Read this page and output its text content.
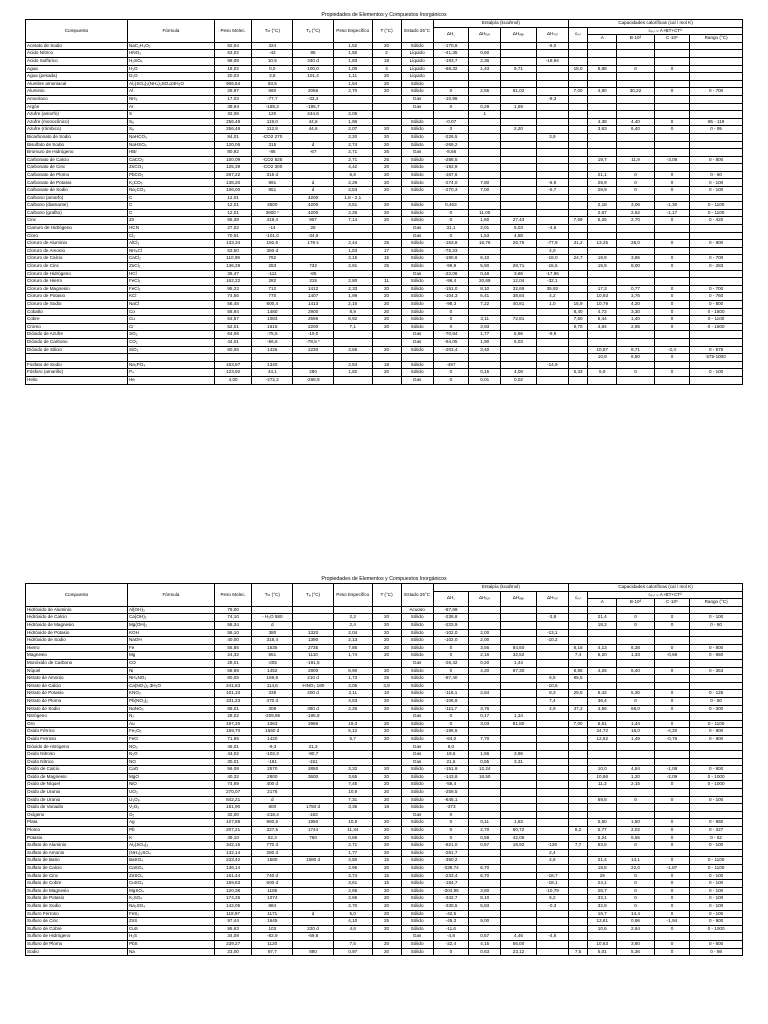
Propiedades de Elementos y Compuestos Inorgánicos
Compuesto	Fórmula	Peso Molec.	Tₘ (°C)	Tₑ (°C)	Peso Específico	T (°C)	Estado 25°C	Entalpía (kcal/mol)				Capacidades caloríficas (cal / mol K)				
								ΔH꜀	ΔHₓᵤₛ	ΔHᵥₐₚ	ΔHₛₒₗ	cₚ,ₗ	cₚ,ₗ = A+BT+CT²			
													A	B·10³	C·10⁶	Rango (°C)
Acetato de Sodio	NaC₂H₃O₂	82,04	324		1,52	20	Sólido	-170,6			-6,0					
Ácido Nítrico	HNO₃	63,02	-42	86	1,50	2	Líquido	-41,35	0,60							
Ácido Sulfúrico	H₂SO₄	98,08	10,5	340 d	1,83	18	Líquido	-193,7	2,36		-18,94					
Agua	H₂O	18,02	0,0	100,0	1,00	4	Líquido	-68,32	1,43	9,71		18,0	8,88	0	0	
Agua (pesada)	D₂O	20,03	3,8	101,4	1,11	20	Líquido									
Alumbre amoniacal	Al₂(SO₄)₃(NH₄)₂SO₄24H₂O	906,64	93,5		1,64	20	Sólido									
Aluminio	Al	26,97	660	2056	2,70	20	Sólido	0	2,55	61,02		7,00	4,80	30,22	0	0 - 700
Amoníaco	NH₃	17,03	-77,7	-33,4			Gas	-10,96			-8,3					
Argón	Ar	39,94	-189,2	-185,7			Gas	0	0,29	1,59						
Azufre (amorfo)	S	32,06	120	444,6	2,05				1							
Azufre (monoclínico)	S₈	256,48	119,0	44,6	1,96		Sólido	-0,07					4,38	4,40	0	95 - 119
Azufre (rómbico)	S₈	256,48	112,8	44,6	2,07	20	Sólido	0		2,20			3,63	6,40	0	0 - 95
Bicarbonato de Sodio	NaHCO₃	84,01	-CO2 270		2,20	20	Sólido	-226,5			3,9					
Bisulfato de Sodio	NaHSO₄	120,06	315	d	2,74	20	Sólido	-269,2								
Bromuro de Hidrógeno	HBr	80,92	-86	-67	2,71	25	Gas	-8,66								
Carbonato de Calcio	CaCO₃	100,09	-CO2 825		2,71	25	Sólido	-288,5					19,7	11,9	-3,08	0 - 800
Carbonato de Cinc	ZnCO₃	125,39	-CO2 300		4,42	20	Sólido	-192,9								
Carbonato de Plomo	PbCO₃	267,22	315 d		6,6	20	Sólido	-167,6					21,1	0	0	0 - 60
Carbonato de Potasio	K₂CO₃	138,20	891	d	2,29	20	Sólido	-274,0	7,80		-6,9		29,9	0	0	0 - 100
Carbonato de Sodio	Na₂CO₃	106,00	851	d	2,53	20	Sólido	-270,3	7,00		-5,7		28,9	0	0	0 - 100
Carbono (amorfo)	C	12,01		4200	1,8 - 2,1											
Carbono (diamante)	C	12,01	3500	4200	3,51	20	Sólido	0,453					2,18	3,06	-1,30	0 - 1100
Carbono (grafito)	C	12,01	3600 *	4200	2,26	20	Sólido	0	11,00				2,67	2,62	-1,17	0 - 1100
Cinc	Zn	65,38	419,4	907	7,14	20	Sólido	0	1,60	27,43		7,59	5,25	2,70	0	0 - 420
Cianuro de Hidrógeno	HCN	27,02	-14	26			Gas	31,1	2,01	6,03	-4,6					
Cloro	Cl₂	70,91	-101,0	-34,6			Gas	0	1,53	4,88						
Cloruro de Aluminio	AlCl₃	133,34	192,6	178 s	2,44	25	Sólido	-163,8	16,76	26,76	-77,9	31,2	13,25	28,0	0	0 - 800
Cloruro de Amonio	NH₄Cl	53,50	350 d		1,53	17	Sólido	-75,23			4,0					
Cloruro de Calcio	CaCl₂	110,99	782		2,15	15	Sólido	-190,6	6,10		-18,0	24,7	16,9	3,86	0	0 - 700
Cloruro de Cinc	ZnCl₂	136,29	283	732	2,91	25	Sólido	-99,9	5,50	28,71	-15,5		15,9	8,00	0	0 - 283
Cloruro de Hidrógeno	HCl	36,47	-111	-85			Gas	-22,06	0,48	3,86	-17,96					
Cloruro de Hierro	FeCl₃	162,22	282	315	2,80	11	Sólido	-96,4	20,69	12,04	-32,1					
Cloruro de Magnesio	FeCl₂	95,23	712	1412	2,33	20	Sólido	-151,0	8,10	32,69	35,92		17,3	0,77	0	0 - 700
Cloruro de Potasio	KCl	74,56	770	1407	1,99	20	Sólido	-104,3	6,41	38,84	4,2		10,93	3,76	0	0 - 760
Cloruro de Sodio	NaCl	58,45	800,4	1413	2,16	20	Sólido	-98,3	7,22	40,81	1,0	15,9	10,79	4,20	0	0 - 800
Cobalto	Co	58,94	1480	2900	8,9	20	Sólido	0				8,40	4,72	3,30	0	0 - 1500
Cobre	Cu	63,57	1083	2595	8,92	20	Sólido	0	3,11	72,81		7,50	5,44	1,40	0	0 - 1100
Cromo	Cr	52,01	1615	2200	7,1	20	Sólido	0	3,93			9,70	4,84	2,95	0	0 - 1600
Dióxido de Azufre	SO₂	64,06	-75,5	-10,0			Gas	-70,94	1,77	5,96	-9,9					
Dióxido de Carbono	CO₂	44,01	-56,6	-78,5 *			Gas	-94,05	1,90	6,03						
Dióxido de Silicio	SiO₂	60,06	1425	2230	2,65	20	Sólido	-203,4	3,40				10,87	8,71	-2,4	0 - 575
													10,9	6,50	0	575-1000
Fosfato de Sodio	Na₃PO₄	163,97	1340		2,54	18	Sólido	-457			-14,9					
Fósforo (amarillo)	P₄	123,92	44,1	280	1,82	20	Sólido	0	0,15	4,08		6,33	5,9	0	0	0 - 100
Helio	He	4,00	-272,2	-268,9			Gas	0	0,01	0,02						
Propiedades de Elementos y Compuestos Inorgánicos
Compuesto	Fórmula	Peso Molec.	Tₘ (°C)	Tₑ (°C)	Peso Específico	T (°C)	Estado 25°C	Entalpía (kcal/mol)				Capacidades caloríficas (cal / mol K)				
								ΔH꜀	ΔHₓᵤₛ	ΔHᵥₐₚ	ΔHₛₒₗ	cₚ,ₗ	cₚ,ₗ = A+BT+CT²			
													A	B·10³	C·10⁶	Rango (°C)
Hidróxido de Aluminio	Al(OH)₃	78,00					Acuoso	-87,69								
Hidróxido de Calcio	Ca(OH)₂	74,10	- H₂O 580		2,2	20	Sólido	-236,8			-3,8		21,4	0	0	0 - 100
Hidróxido de Magnesio	Mg(OH)₂	58,34	d		2,4	20	Sólido	-223,9					18,2	0	0	0 - 60
Hidróxido de Potasio	KOH	56,10	380	1320	2,04	20	Sólido	-102,0	2,00		-13,1					
Hidróxido de Sodio	NaOH	40,00	318,4	1390	2,13	20	Sólido	-102,0	2,00		-10,2					
Hierro	Fe	55,85	1535	2735	7,86	20	Sólido	0	3,56	84,60		8,16	4,13	6,38	0	0 - 800
Magnesio	Mg	24,32	651	1110	1,74	20	Sólido	0	2,16	32,52		7,4	6,20	1,33	-0,68	0 - 650
Monóxido de Carbono	CO	28,01	-205	-191,5			Gas	-26,42	0,20	1,44						
Níquel	Ni	58,69	1452	2900	8,90	20	Sólido	0	4,20	87,30		8,85	4,26	6,40	0	0 - 353
Nitrato de Amonio	NH₄NO₃	80,05	169,6	210 d	1,73	25	Sólido	-87,40			6,5	85,5				
Nitrato de Calcio	Ca(NO₃)₂.3H₂O	241,63	114,6	-HNO₃ 180	2,05	3,9	Sólido				-10,6					
Nitrato de Potasio	KNO₃	101,10	338	400 d	2,11	10	Sólido	-118,1	2,84		8,3	29,5	6,42	5,30	0	0 - 128
Nitrato de Plomo	Pb(NO₃)₂	331,23	470 d		4,53	20	Sólido	-106,9			7,4		36,4	0	0	0 - 50
Nitrato de Sodio	NaNO₃	85,01	308	380 d	2,26	20	Sólido	-111,7	3,76		4,9	37,2	4,56	68,0	0	0 - 300
Nitrógeno	N₂	28,02	-209,86	-195,8			Gas	0	0,17	1,34						
Oro	Au	197,20	1063	2966	19,3	20	Sólido	0	3,03	81,80		7,00	6,61	1,44	0	0 - 1100
Óxido Férrico	Fe₂O₃	159,70	1560 d		5,12	20	Sólido	-196,5					24,72	16,0	-4,20	0 - 800
Óxido Ferroso	FeO	71,85	1420		5,7	20	Sólido	-64,0	7,70				12,62	1,49	-0,76	0 - 800
Dióxido de nitrógeno	NO₂	46,01	-9,3	21,3			Gas	8,0								
Óxido Nitroso	N₂O	44,02	-102,3	-90,7			Gas	19,5	1,56	3,96						
Óxido Nítrico	NO	30,01	-161	-151			Gas	21,6	0,55	3,31						
Óxido de Calcio	CaO	56,08	2570	2850	3,32	20	Sólido	-151,9	12,24				10,0	4,84	-1,08	0 - 800
Óxido de Magnesio	MgO	40,32	2800	3600	3,65	20	Sólido	-143,8	18,50				10,86	1,20	-2,09	0 - 1000
Óxido de Níquel	NiO	74,69	400 d		7,45	20	Sólido	-58,4					11,3	2,15	0	0 - 1000
Óxido de Uranio	UO₃	270,07	2176		10,9	20	Sólido	-259,5								
Óxido de Uranio	U₃O₈	842,21	d		7,31	20	Sólido	-845,1					69,8	0	0	0 - 100
Óxido de Vanadio	V₂O₅	181,90	800	1750 d	3,36	18	Sólido	-373								
Oxígeno	O₂	32,00	-218,4	-183			Gas	0								
Plata	Ag	107,88	960,5	1950	10,5	20	Sólido	0	0,11	1,63			5,60	1,50	0	0 - 960
Plomo	Pb	207,21	327,5	1744	11,34	20	Sólido	0	2,70	60,72		8,2	5,77	2,02	0	0 - 327
Potasio	K	39,10	62,3	760	0,86	20	Sólido	0	0,58	42,06			5,24	5,55	0	0 - 62
Sulfato de Aluminio	Al₂(SO₄)₃	342,15	770 d		2,71	20	Sólido	-821,0	0,57	18,92	-126	7,7	63,6	0	0	0 - 100
Sulfato de Amonio	(NH₄)₂SO₄	132,14	280 d		1,77	20	Sólido	-281,7			2,4					
Sulfato de Bario	BaSO₄	233,42	1580	1580 d	4,50	15	Sólido	-350,2			4,6		21,4	14,1	0	0 - 1100
Sulfato de Calcio	CaSO₄	136,14			2,96	20	Sólido	-338,74	6,70				18,5	22,0	-1,87	0 - 1100
Sulfato de Cinc	ZnSO₄	161,44	740 d		3,74	15	Sólido	-233,4	6,70		-18,7		29	0	0	0 - 100
Sulfato de Cobre	CuSO₄	159,63	600 d		3,61	15	Sólido	-184,7			-18,1		24,1	0	0	0 - 100
Sulfato de Magnesio	MgSO₄	120,38	1185		2,66	20	Sólido	-304,95	3,60		-10,79		26,7	0	0	0 - 100
Sulfato de Potasio	K₂SO₄	174,25	1074		2,66	20	Sólido	-342,7	8,10		6,2		33,1	0	0	0 - 100
Sulfato de Sodio	Na₂SO₄	142,05	884		2,70	20	Sólido	-330,5	5,83		-0,3		32,8	0	0	0 - 100
Sulfuro Ferroso	FeS₂	119,97	1171	d	5,0	20	Sólido	-42,5					16,7	14,4	0	0 - 100
Sulfuro de Cinc	ZnS	97,44	1645		4,10	25	Sólido	-45,3	9,00				13,81	0,96	-1,94	0 - 900
Sulfuro de Cobre	CuS	95,63	103	220 d	4,6	20	Sólido	-11,6					10,6	2,64	0	0 - 1000
Sulfuro de Hidrógeno	H₂S	34,08	-82,9	-59,6			Gas	-4,8	0,57	4,46	-4,6					
Sulfuro de Plomo	PbS	239,27	1120		7,5	20	Sólido	-22,4	4,15	56,00			10,63	3,80	0	0 - 600
Sodio	Na	23,00	97,7	880	0,97	20	Sólido	0	0,63	23,12		7,5	5,01	5,36	0	0 - 98
